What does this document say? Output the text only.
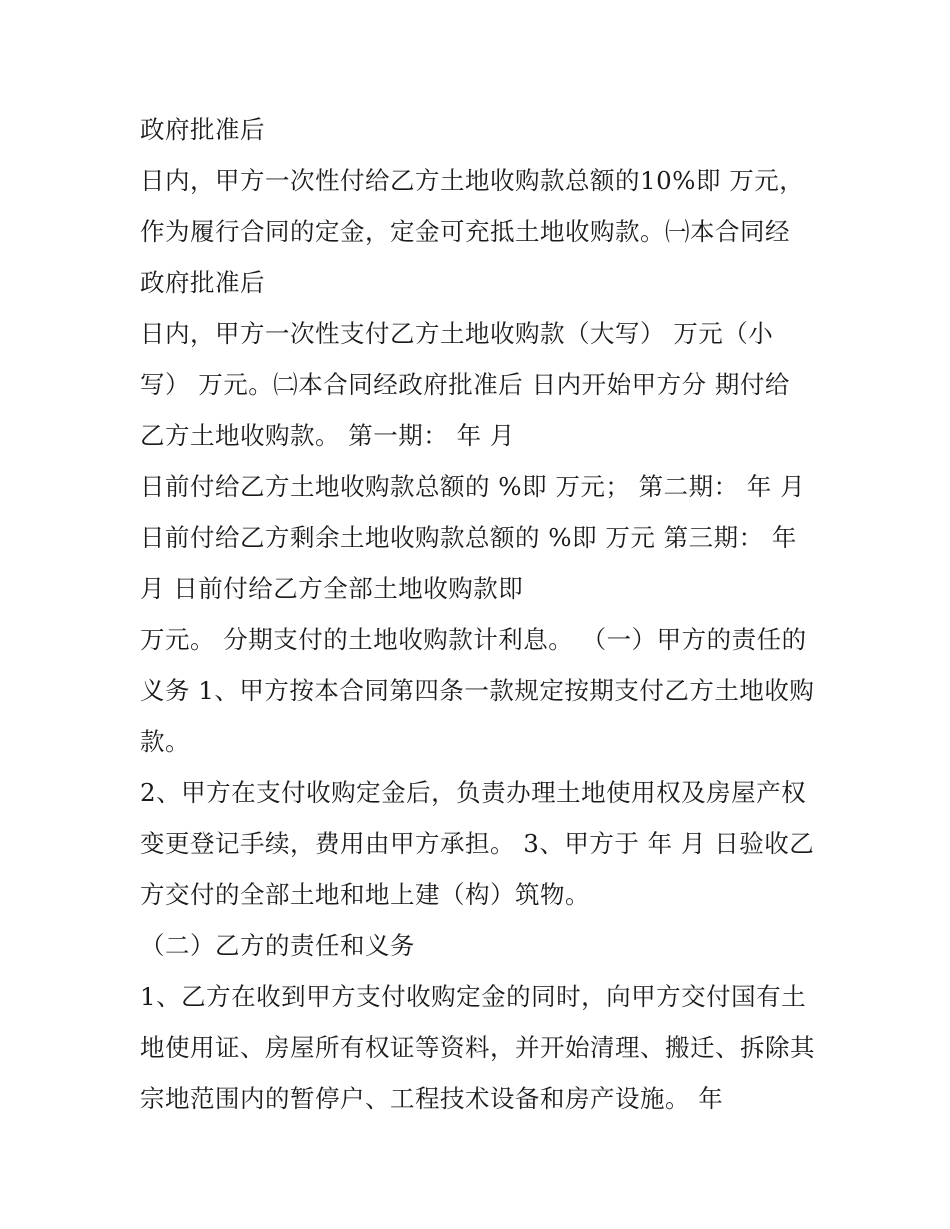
政府批准后
日内，甲方一次性付给乙方土地收购款总额的10%即 万元，
作为履行合同的定金，定金可充抵土地收购款。㈠本合同经
政府批准后
日内，甲方一次性支付乙方土地收购款（大写） 万元（小
写） 万元。㈡本合同经政府批准后 日内开始甲方分 期付给
乙方土地收购款。 第一期： 年 月
日前付给乙方土地收购款总额的 %即 万元； 第二期： 年 月
日前付给乙方剩余土地收购款总额的 %即 万元 第三期： 年
月 日前付给乙方全部土地收购款即
万元。 分期支付的土地收购款计利息。 （一）甲方的责任的
义务 1、甲方按本合同第四条一款规定按期支付乙方土地收购
款。
2、甲方在支付收购定金后，负责办理土地使用权及房屋产权
变更登记手续，费用由甲方承担。 3、甲方于 年 月 日验收乙
方交付的全部土地和地上建（构）筑物。
（二）乙方的责任和义务
1、乙方在收到甲方支付收购定金的同时，向甲方交付国有土
地使用证、房屋所有权证等资料，并开始清理、搬迁、拆除其
宗地范围内的暂停户、工程技术设备和房产设施。 年
